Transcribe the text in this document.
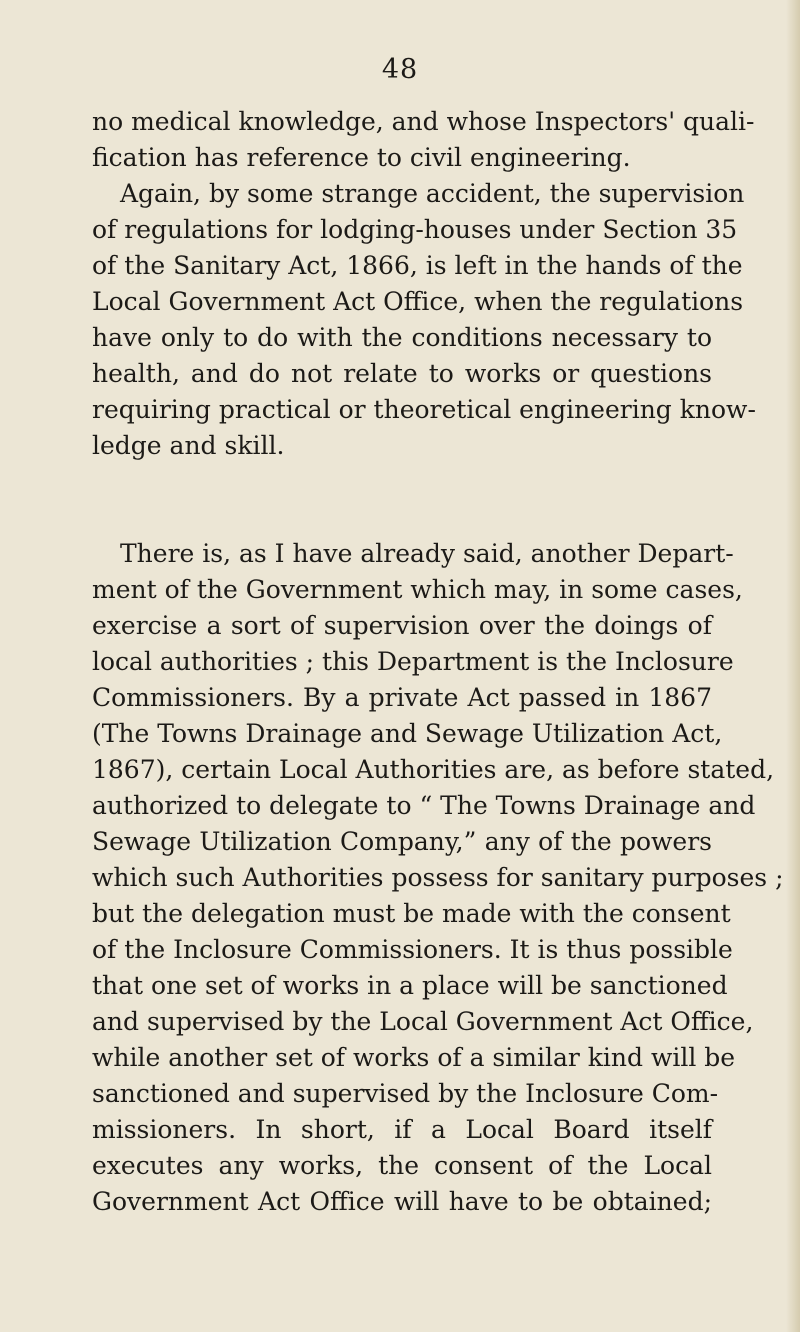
48
no medical knowledge, and whose Inspectors' quali-
fication has reference to civil engineering.
Again, by some strange accident, the supervision
of regulations for lodging-houses under Section 35
of the Sanitary Act, 1866, is left in the hands of the
Local Government Act Office, when the regulations
have only to do with the conditions necessary to
health, and do not relate to works or questions
requiring practical or theoretical engineering know-
ledge and skill.
There is, as I have already said, another Depart-
ment of the Government which may, in some cases,
exercise a sort of supervision over the doings of
local authorities ; this Department is the Inclosure
Commissioners. By a private Act passed in 1867
(The Towns Drainage and Sewage Utilization Act,
1867), certain Local Authorities are, as before stated,
authorized to delegate to “ The Towns Drainage and
Sewage Utilization Company,” any of the powers
which such Authorities possess for sanitary purposes ;
but the delegation must be made with the consent
of the Inclosure Commissioners. It is thus possible
that one set of works in a place will be sanctioned
and supervised by the Local Government Act Office,
while another set of works of a similar kind will be
sanctioned and supervised by the Inclosure Com-
missioners. In short, if a Local Board itself
executes any works, the consent of the Local
Government Act Office will have to be obtained;
